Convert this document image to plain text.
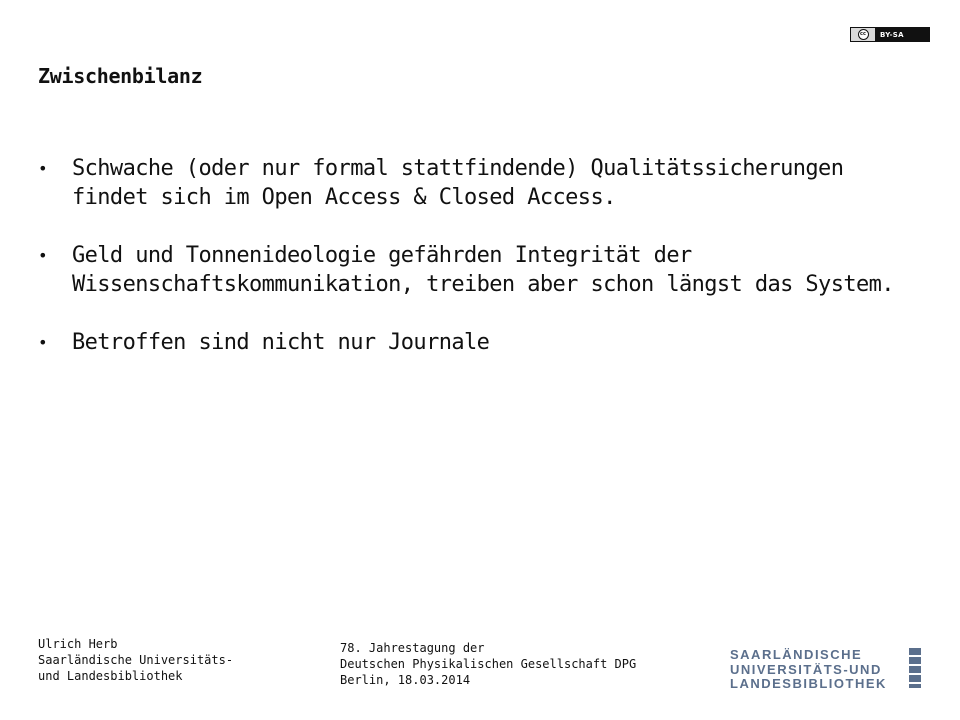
cc	BY-SA
Zwischenbilanz
•	Schwache (oder nur formal stattfindende) Qualitätssicherungen findet sich im Open Access & Closed Access.
•	Geld und Tonnenideologie gefährden Integrität der Wissenschaftskommunikation, treiben aber schon längst das System.
•	Betroffen sind nicht nur Journale
Ulrich Herb
Saarländische Universitäts-
und Landesbibliothek
78. Jahrestagung der
Deutschen Physikalischen Gesellschaft DPG
Berlin, 18.03.2014
SAARLÄNDISCHE
UNIVERSITÄTS-UND
LANDESBIBLIOTHEK
